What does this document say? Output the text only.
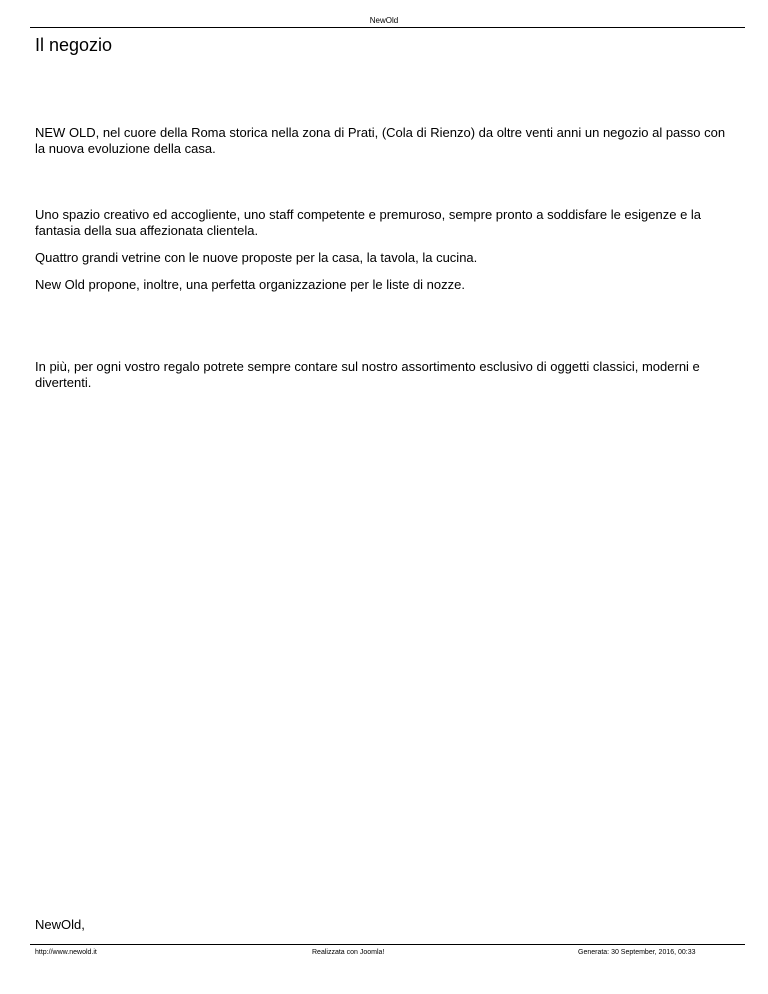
NewOld
Il negozio

NEW OLD, nel cuore della Roma storica nella zona di Prati, (Cola di Rienzo) da oltre venti anni un negozio al passo con la nuova evoluzione della casa.

Uno spazio creativo ed accogliente, uno staff competente e premuroso, sempre pronto a soddisfare le esigenze e la fantasia della sua affezionata clientela.

Quattro grandi vetrine con le nuove proposte per la casa, la tavola, la cucina.

New Old propone, inoltre, una perfetta organizzazione per le liste di nozze.

In più, per ogni vostro regalo potrete sempre contare sul nostro assortimento esclusivo di oggetti classici, moderni e divertenti.

NewOld,
http://www.newold.it	Realizzata con Joomla!	Generata: 30 September, 2016, 00:33
